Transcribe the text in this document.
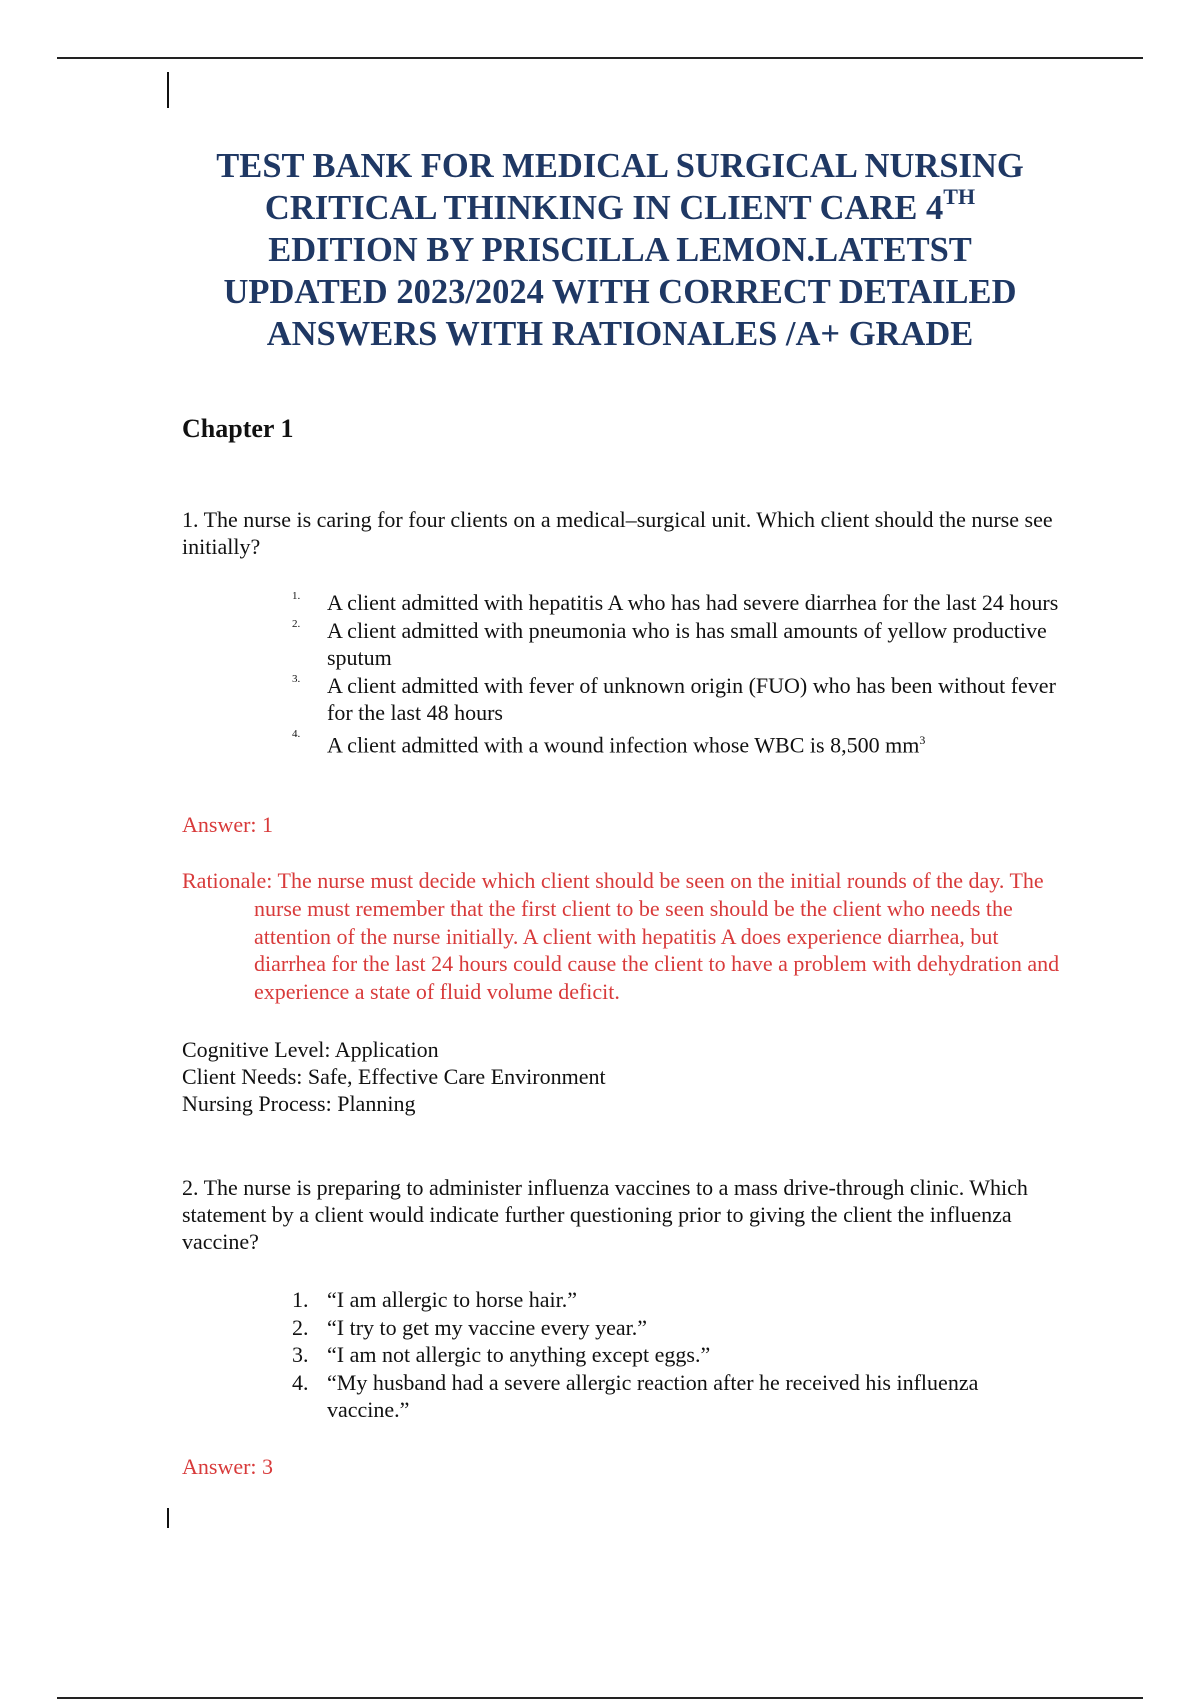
TEST BANK FOR MEDICAL SURGICAL NURSING
CRITICAL THINKING IN CLIENT CARE 4TH
EDITION BY PRISCILLA LEMON.LATETST
UPDATED 2023/2024 WITH CORRECT DETAILED
ANSWERS WITH RATIONALES /A+ GRADE
Chapter 1
1. The nurse is caring for four clients on a medical–surgical unit. Which client should the nurse see initially?
1. A client admitted with hepatitis A who has had severe diarrhea for the last 24 hours
2. A client admitted with pneumonia who is has small amounts of yellow productive sputum
3. A client admitted with fever of unknown origin (FUO) who has been without fever for the last 48 hours
4. A client admitted with a wound infection whose WBC is 8,500 $mm^3$
Answer: 1
Rationale: The nurse must decide which client should be seen on the initial rounds of the day. The nurse must remember that the first client to be seen should be the client who needs the attention of the nurse initially. A client with hepatitis A does experience diarrhea, but diarrhea for the last 24 hours could cause the client to have a problem with dehydration and experience a state of fluid volume deficit.
Cognitive Level: Application
Client Needs: Safe, Effective Care Environment
Nursing Process: Planning
2. The nurse is preparing to administer influenza vaccines to a mass drive-through clinic. Which statement by a client would indicate further questioning prior to giving the client the influenza vaccine?
1. “I am allergic to horse hair.”
2. “I try to get my vaccine every year.”
3. “I am not allergic to anything except eggs.”
4. “My husband had a severe allergic reaction after he received his influenza vaccine.”
Answer: 3
